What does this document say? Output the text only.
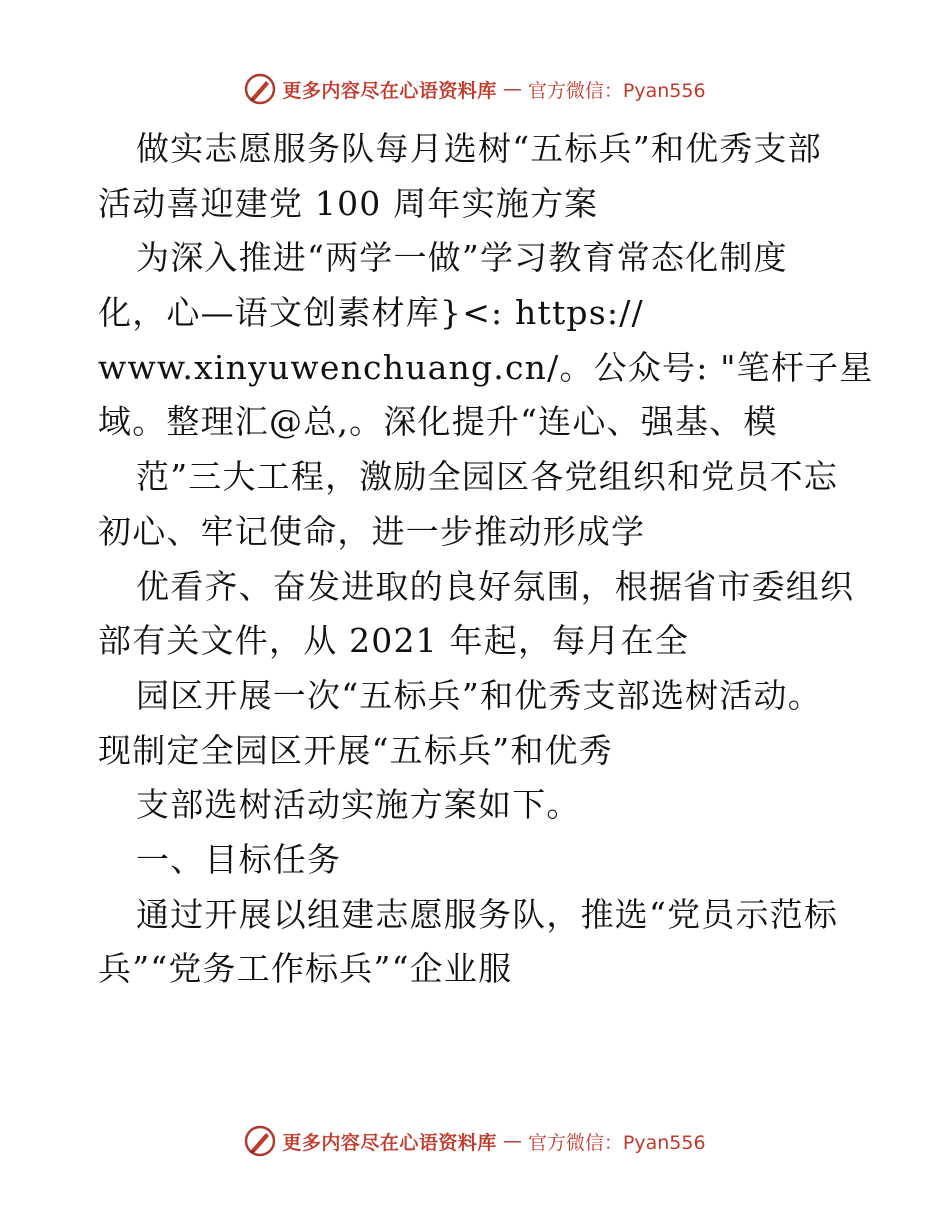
更多内容尽在心语资料库 — 官方微信：Pyan556
做实志愿服务队每月选树“五标兵”和优秀支部
活动喜迎建党 100 周年实施方案
为深入推进“两学一做”学习教育常态化制度
化，心—语文创素材库}<: https://
www.xinyuwenchuang.cn/。公众号: "笔杆子星
域。整理汇@总,。深化提升“连心、强基、模
范”三大工程，激励全园区各党组织和党员不忘
初心、牢记使命，进一步推动形成学
优看齐、奋发进取的良好氛围，根据省市委组织
部有关文件，从 2021 年起，每月在全
园区开展一次“五标兵”和优秀支部选树活动。
现制定全园区开展“五标兵”和优秀
支部选树活动实施方案如下。
一、目标任务
通过开展以组建志愿服务队，推选“党员示范标
兵”“党务工作标兵”“企业服
更多内容尽在心语资料库 — 官方微信：Pyan556
